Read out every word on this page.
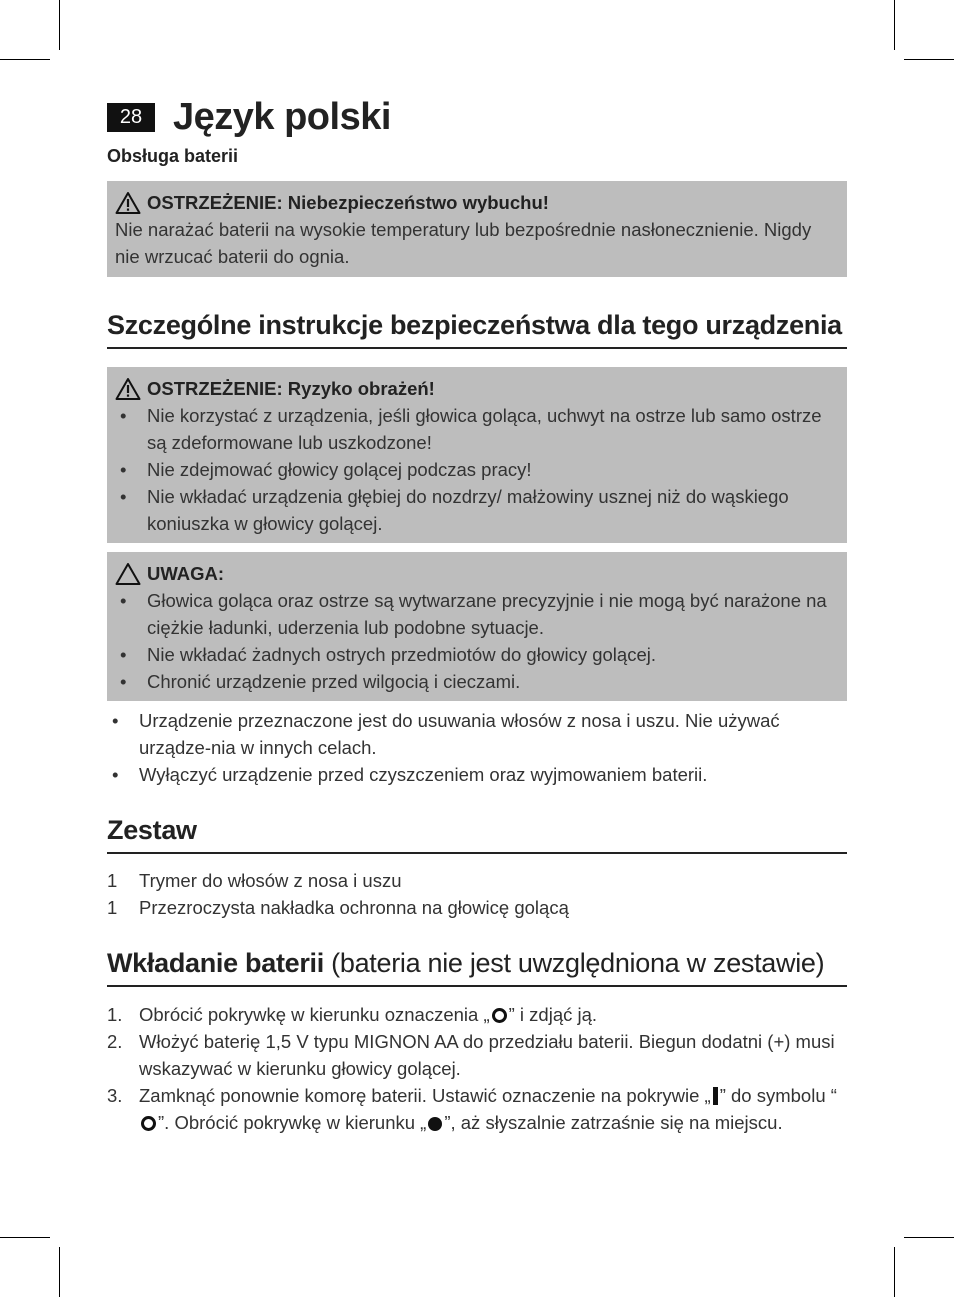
28 Język polski
Obsługa baterii
OSTRZEŻENIE: Niebezpieczeństwo wybuchu!
Nie narażać baterii na wysokie temperatury lub bezpośrednie nasłonecznienie. Nigdy nie wrzucać baterii do ognia.
Szczególne instrukcje bezpieczeństwa dla tego urządzenia
OSTRZEŻENIE: Ryzyko obrażeń!
• Nie korzystać z urządzenia, jeśli głowica goląca, uchwyt na ostrze lub samo ostrze są zdeformowane lub uszkodzone!
• Nie zdejmować głowicy golącej podczas pracy!
• Nie wkładać urządzenia głębiej do nozdrzy/ małżowiny usznej niż do wąskiego koniuszka w głowicy golącej.
UWAGA:
• Głowica goląca oraz ostrze są wytwarzane precyzyjnie i nie mogą być narażone na ciężkie ładunki, uderzenia lub podobne sytuacje.
• Nie wkładać żadnych ostrych przedmiotów do głowicy golącej.
• Chronić urządzenie przed wilgocią i cieczami.
• Urządzenie przeznaczone jest do usuwania włosów z nosa i uszu. Nie używać urządze-nia w innych celach.
• Wyłączyć urządzenie przed czyszczeniem oraz wyjmowaniem baterii.
Zestaw
1 Trymer do włosów z nosa i uszu
1 Przezroczysta nakładka ochronna na głowicę golącą
Wkładanie baterii (bateria nie jest uwzględniona w zestawie)
1. Obrócić pokrywkę w kierunku oznaczenia „ ” i zdjąć ją.
2. Włożyć baterię 1,5 V typu MIGNON AA do przedziału baterii. Biegun dodatni (+) musi wskazywać w kierunku głowicy golącej.
3. Zamknąć ponownie komorę baterii. Ustawić oznaczenie na pokrywie „ ” do symbolu “”. Obrócić pokrywkę w kierunku „ ”, aż słyszalnie zatrzaśnie się na miejscu.
